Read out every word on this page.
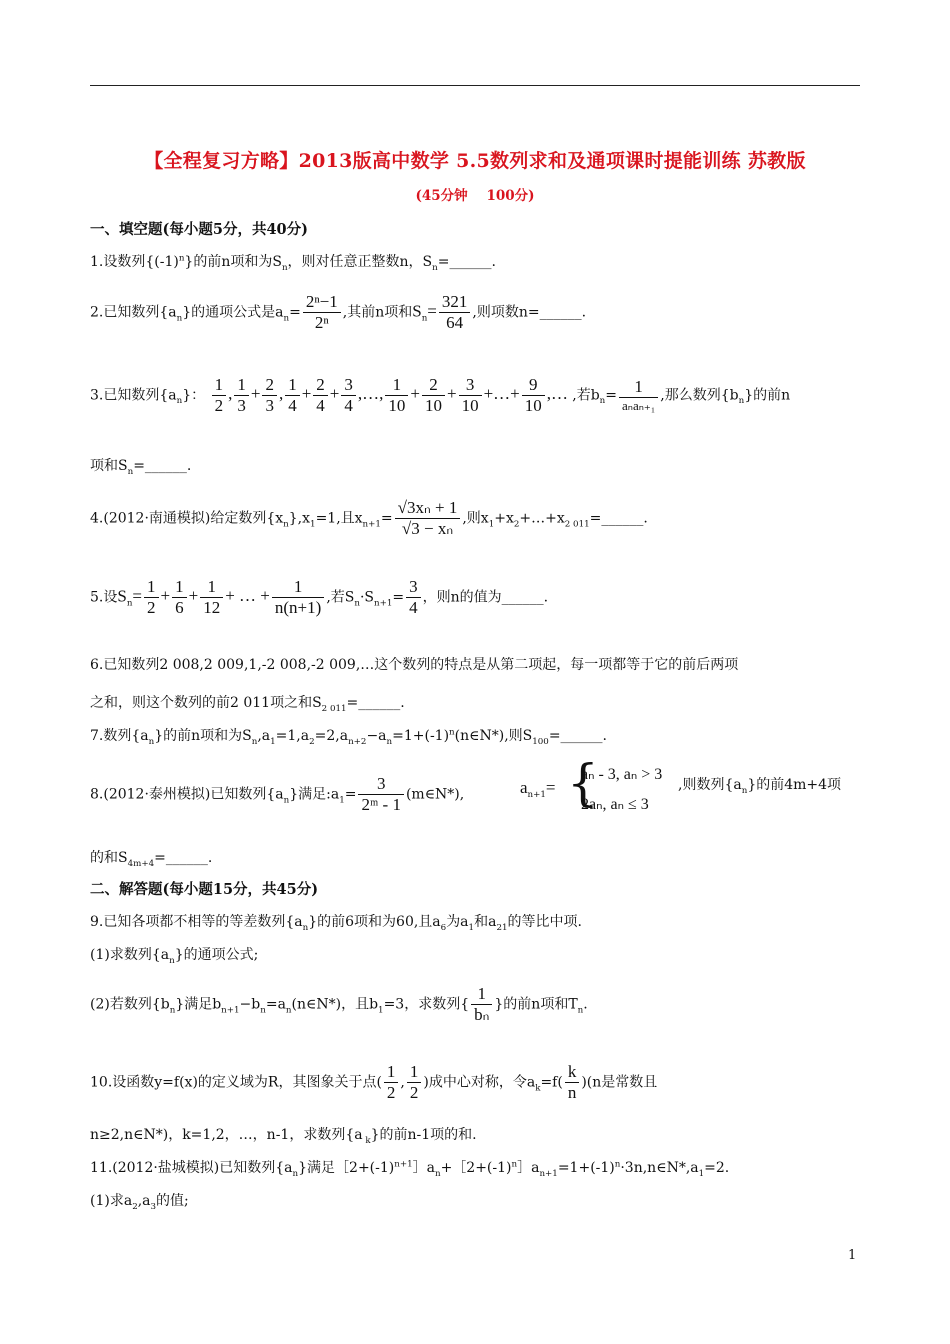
【全程复习方略】2013版高中数学 5.5数列求和及通项课时提能训练 苏教版
(45分钟    100分)
一、填空题(每小题5分，共40分)
1.设数列$\{(-1)^n\}$的前n项和为$S_n$，则对任意正整数n，$S_n=\_\_\_\_\_\_$.
2.已知数列$\{a_n\}$的通项公式是$a_n= \frac{\text{2ⁿ−1}}{\text{2ⁿ}}$ ,其前n项和$S_n= \frac{321}{64}$ ,则项数n=______.
3.已知数列$\{a_n\}$： $\frac{1}{2}$ , $\frac{1}{3} + \frac{2}{3}$ , $\frac{1}{4} + \frac{2}{4} + \frac{3}{4}$ ,…, $\frac{1}{10} + \frac{2}{10} + \frac{3}{10}$ +…+ $\frac{9}{10}$ ,… ,若$b_n= \frac{1}{\text{aₙaₙ₊₁}}$ ,那么数列$\{b_n\}$的前n
项和$S_n=\_\_\_\_\_\_$.
4.(2012·南通模拟)给定数列$\{x_n\},x_1=1$,且$x_{n+1}= \frac{\text{√3xₙ + 1}}{\text{√3 − xₙ}}$ ,则$x_1+x_2+\dots+x_{2 011}=\_\_\_\_\_\_$.
5.设$S_n= \frac{1}{2} + \frac{1}{6} + \frac{1}{12}$ + … + $\frac{1}{n(n+1)}$ ,若$S_n\cdot S_{n+1}= \frac{3}{4}$ ，则n的值为______.
6.已知数列2 008,2 009,1,-2 008,-2 009,…这个数列的特点是从第二项起，每一项都等于它的前后两项
之和，则这个数列的前2 011项之和$S_{2 011}=\_\_\_\_\_\_$.
7.数列$\{a_n\}$的前n项和为$S_n,a_1=1,a_2=2,a_{n+2}-a_n=1+(-1)^n(n\in N*)$,则$S_{100}=\_\_\_\_\_\_$.
8.(2012·泰州模拟)已知数列$\{a_n\}$满足$:a_1= \frac{3}{\text{2ᵐ - 1}}$ (m∈N*),	$a_{n+1}=$ {
aₙ - 3, aₙ > 3
2aₙ, aₙ ≤ 3
,则数列$\{a_n\}$的前4m+4项
的和$S_{4m+4}=\_\_\_\_\_\_$.
二、解答题(每小题15分，共45分)
9.已知各项都不相等的等差数列$\{a_n\}$的前6项和为60,且$a_6$为$a_1$和$a_{21}$的等比中项.
(1)求数列$\{a_n\}$的通项公式;
(2)若数列$\{b_n\}$满足$b_{n+1}-b_n=a_n(n\in N*)$，且$b_1=3$，求数列{ $\frac{1}{\text{bₙ}}$ }的前n项和$T_n$.
10.设函数y=f(x)的定义域为R，其图象关于点( $\frac{1}{2}$ , $\frac{1}{2}$ )成中心对称，令$a_k=f( \frac{k}{n} )(n$是常数且
n≥2,n∈N*)，k=1,2，…，n-1，求数列{a $_k$}的前n-1项的和.
11.(2012·盐城模拟)已知数列$\{a_n\}$满足$[2+(-1)^{n+1}]a_n+[2+(-1)^n]a_{n+1}=1+(-1)^n\cdot 3n,n\in N*,a_1=2$.
(1)求$a_2,a_3$的值;
1
